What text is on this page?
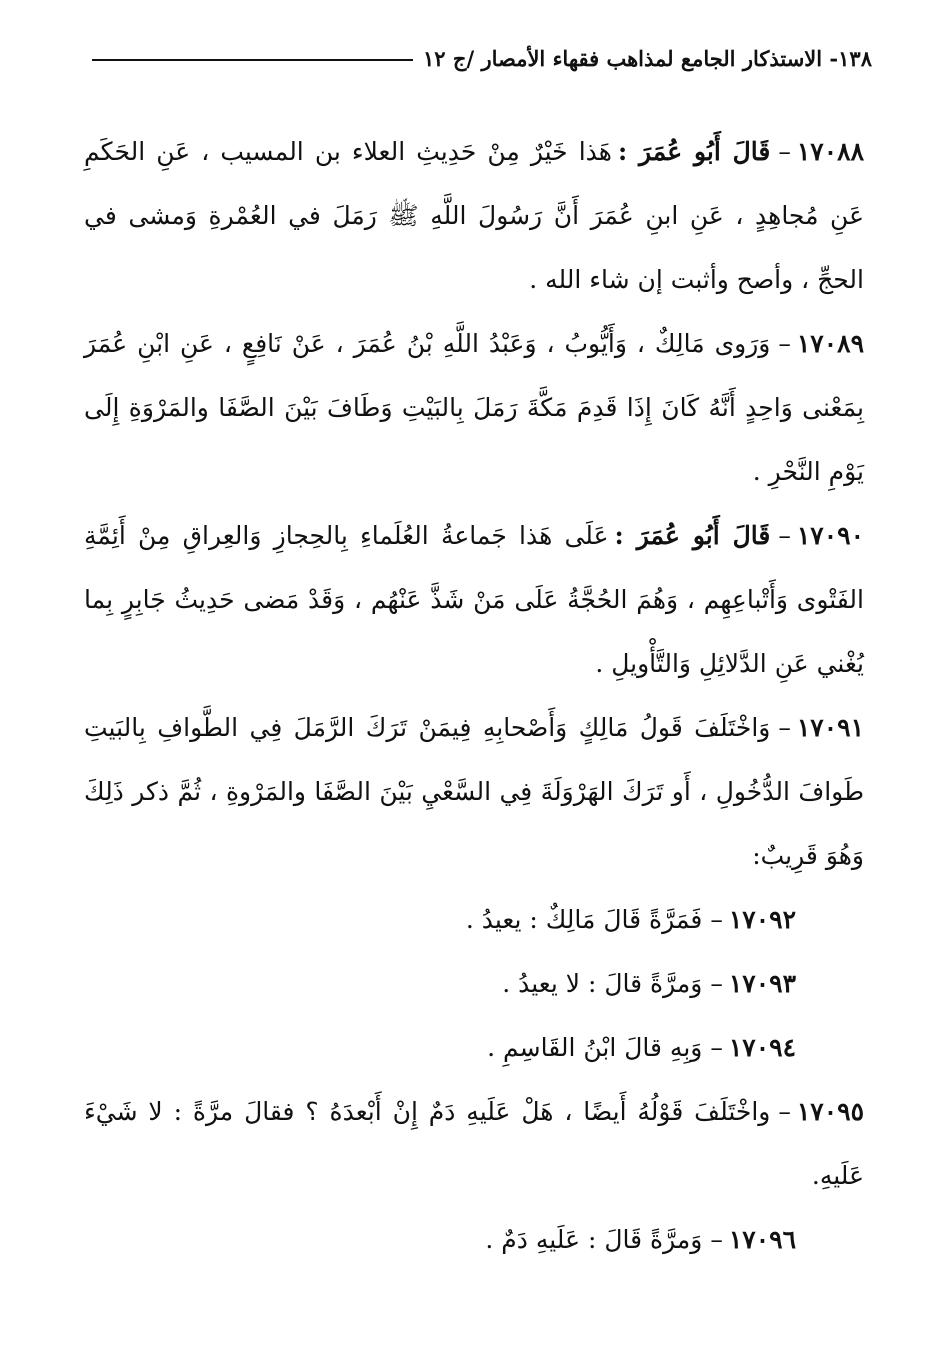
١٣٨- الاستذكار الجامع لمذاهب فقهاء الأمصار /ج ١٢

١٧٠٨٨–قَالَ أَبُو عُمَرَ :هَذا خَيْرٌ مِنْ حَدِيثِ العلاء بن المسيب ، عَنِ الحَكَمِ عَنِ مُجاهِدٍ ، عَنِ ابنِ عُمَرَ أَنَّ رَسُولَ اللَّهِ ﷺ رَمَلَ في العُمْرةِ وَمشى في الحجِّ ، وأصح وأثبت إن شاء الله .

١٧٠٨٩–وَرَوى مَالِكٌ ، وَأَيُّوبُ ، وَعَبْدُ اللَّهِ بْنُ عُمَرَ ، عَنْ نَافِعٍ ، عَنِ ابْنِ عُمَرَ بِمَعْنى وَاحِدٍ أَنَّهُ كَانَ إِذَا قَدِمَ مَكَّةَ رَمَلَ بِالبَيْتِ وَطَافَ بَيْنَ الصَّفَا والمَرْوَةِ إِلَى يَوْمِ النَّحْرِ .

١٧٠٩٠–قَالَ أَبُو عُمَرَ :عَلَى هَذا جَماعةُ العُلَماءِ بِالحِجازِ وَالعِراقِ مِنْ أَئِمَّةِ الفَتْوى وَأَتْباعِهِم ، وَهُمَ الحُجَّةُ عَلَى مَنْ شَذَّ عَنْهُم ، وَقَدْ مَضى حَدِيثُ جَابِرٍ بِما يُغْني عَنِ الدَّلائِلِ وَالتَّأْويلِ .

١٧٠٩١–وَاخْتَلَفَ قَولُ مَالِكٍ وَأَصْحابِهِ فِيمَنْ تَرَكَ الرَّمَلَ فِي الطَّوافِ بِالبَيتِ طَوافَ الدُّخُولِ ، أَو تَرَكَ الهَرْوَلَةَ فِي السَّعْيِ بَيْنَ الصَّفَا والمَرْوةِ ، ثُمَّ ذكر ذَلِكَ وَهُوَ قَرِيبٌ:

١٧٠٩٢–فَمَرَّةً قَالَ مَالِكٌ : يعيدُ .

١٧٠٩٣–وَمرَّةً قالَ : لا يعيدُ .

١٧٠٩٤–وَبِهِ قالَ ابْنُ القَاسِمِ .

١٧٠٩٥–واخْتَلَفَ قَوْلُهُ أَيضًا ، هَلْ عَلَيهِ دَمٌ إِنْ أَبْعدَهُ ؟ فقالَ مرَّةً : لا شَيْءَ عَلَيهِ.

١٧٠٩٦–وَمرَّةً قَالَ : عَلَيهِ دَمٌ .
